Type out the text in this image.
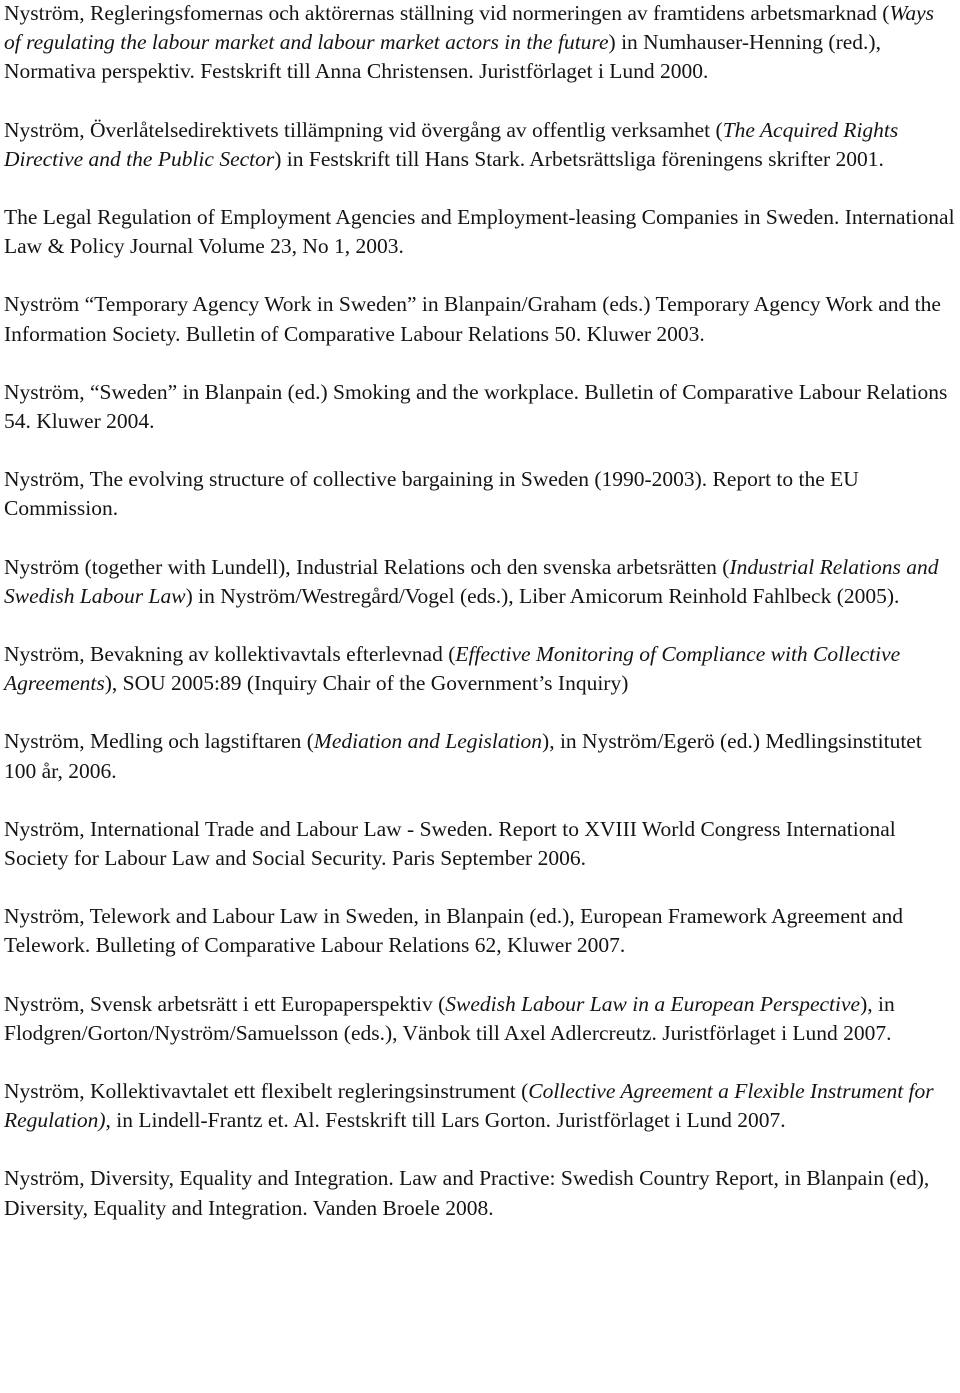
Nyström, Regleringsfomernas och aktörernas ställning vid normeringen av framtidens arbetsmarknad (Ways of regulating the labour market and labour market actors in the future) in Numhauser-Henning (red.), Normativa perspektiv. Festskrift till Anna Christensen. Juristförlaget i Lund 2000.

Nyström, Överlåtelsedirektivets tillämpning vid övergång av offentlig verksamhet (The Acquired Rights Directive and the Public Sector) in Festskrift till Hans Stark. Arbetsrättsliga föreningens skrifter 2001.

The Legal Regulation of Employment Agencies and Employment-leasing Companies in Sweden. International Law & Policy Journal Volume 23, No 1, 2003.

Nyström “Temporary Agency Work in Sweden” in Blanpain/Graham (eds.) Temporary Agency Work and the Information Society. Bulletin of Comparative Labour Relations 50. Kluwer 2003.

Nyström, “Sweden” in Blanpain (ed.) Smoking and the workplace. Bulletin of Comparative Labour Relations 54. Kluwer 2004.

Nyström, The evolving structure of collective bargaining in Sweden (1990-2003). Report to the EU Commission.

Nyström (together with Lundell), Industrial Relations och den svenska arbetsrätten (Industrial Relations and Swedish Labour Law) in Nyström/Westregård/Vogel (eds.), Liber Amicorum Reinhold Fahlbeck (2005).

Nyström, Bevakning av kollektivavtals efterlevnad (Effective Monitoring of Compliance with Collective Agreements), SOU 2005:89 (Inquiry Chair of the Government’s Inquiry)

Nyström, Medling och lagstiftaren (Mediation and Legislation), in Nyström/Egerö (ed.) Medlingsinstitutet 100 år, 2006.

Nyström, International Trade and Labour Law - Sweden. Report to XVIII World Congress International Society for Labour Law and Social Security. Paris September 2006.

Nyström, Telework and Labour Law in Sweden, in Blanpain (ed.), European Framework Agreement and Telework. Bulleting of Comparative Labour Relations 62, Kluwer 2007.

Nyström, Svensk arbetsrätt i ett Europaperspektiv (Swedish Labour Law in a European Perspective), in Flodgren/Gorton/Nyström/Samuelsson (eds.), Vänbok till Axel Adlercreutz. Juristförlaget i Lund 2007.

Nyström, Kollektivavtalet ett flexibelt regleringsinstrument (Collective Agreement a Flexible Instrument for Regulation), in Lindell-Frantz et. Al. Festskrift till Lars Gorton. Juristförlaget i Lund 2007.

Nyström, Diversity, Equality and Integration. Law and Practive: Swedish Country Report, in Blanpain (ed), Diversity, Equality and Integration. Vanden Broele 2008.
